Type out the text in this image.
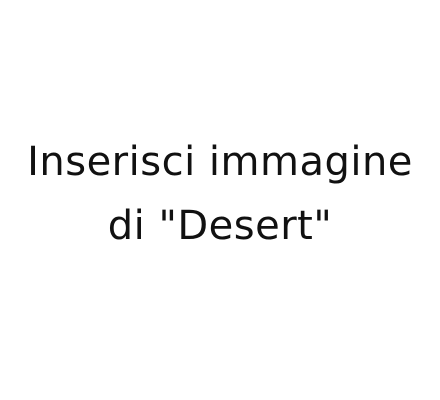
Inserisci immagine
di "Desert"
